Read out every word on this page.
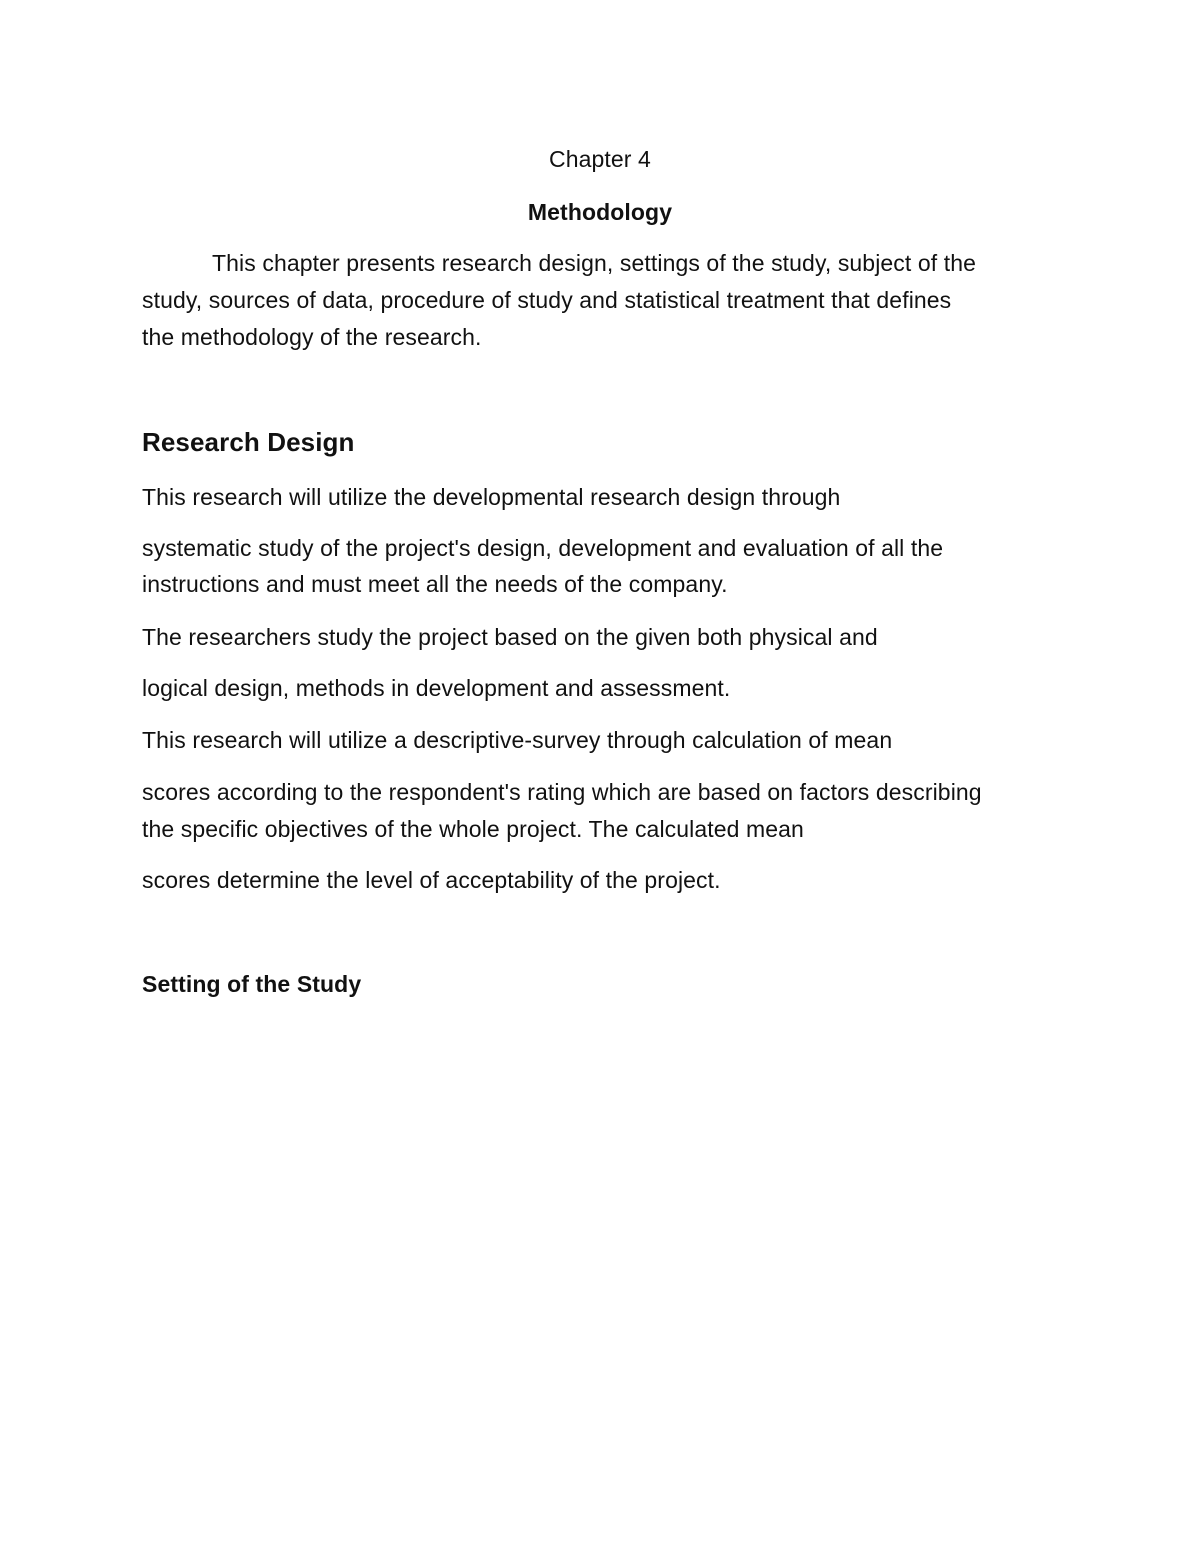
Chapter 4
Methodology
This chapter presents research design, settings of the study, subject of the
study, sources of data, procedure of study and statistical treatment that defines
the methodology of the research.
Research Design
This research will utilize the developmental research design through
systematic study of the project's design, development and evaluation of all the
instructions and must meet all the needs of the company.
The researchers study the project based on the given both physical and
logical design, methods in development and assessment.
This research will utilize a descriptive-survey through calculation of mean
scores according to the respondent's rating which are based on factors describing
the specific objectives of the whole project. The calculated mean
scores determine the level of acceptability of the project.
Setting of the Study
